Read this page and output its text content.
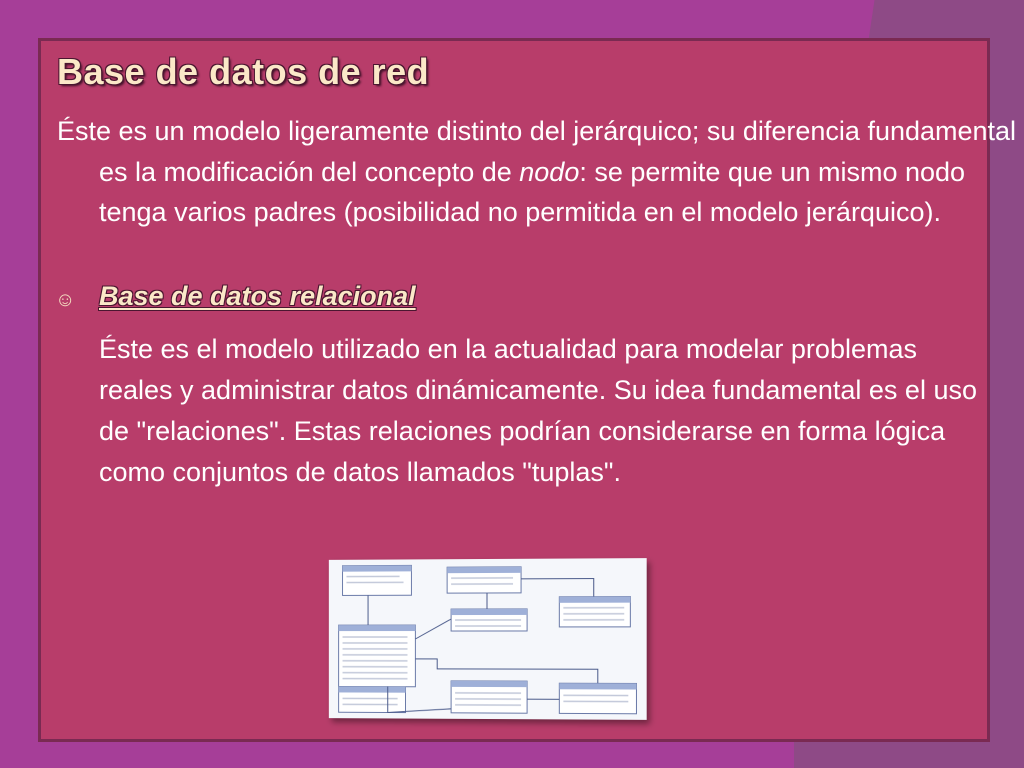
Base de datos de red

Éste es un modelo ligeramente distinto del jerárquico; su diferencia fundamental es la modificación del concepto de nodo: se permite que un mismo nodo tenga varios padres (posibilidad no permitida en el modelo jerárquico).

☺ Base de datos relacional

Éste es el modelo utilizado en la actualidad para modelar problemas reales y administrar datos dinámicamente. Su idea fundamental es el uso de "relaciones". Estas relaciones podrían considerarse en forma lógica como conjuntos de datos llamados "tuplas".
